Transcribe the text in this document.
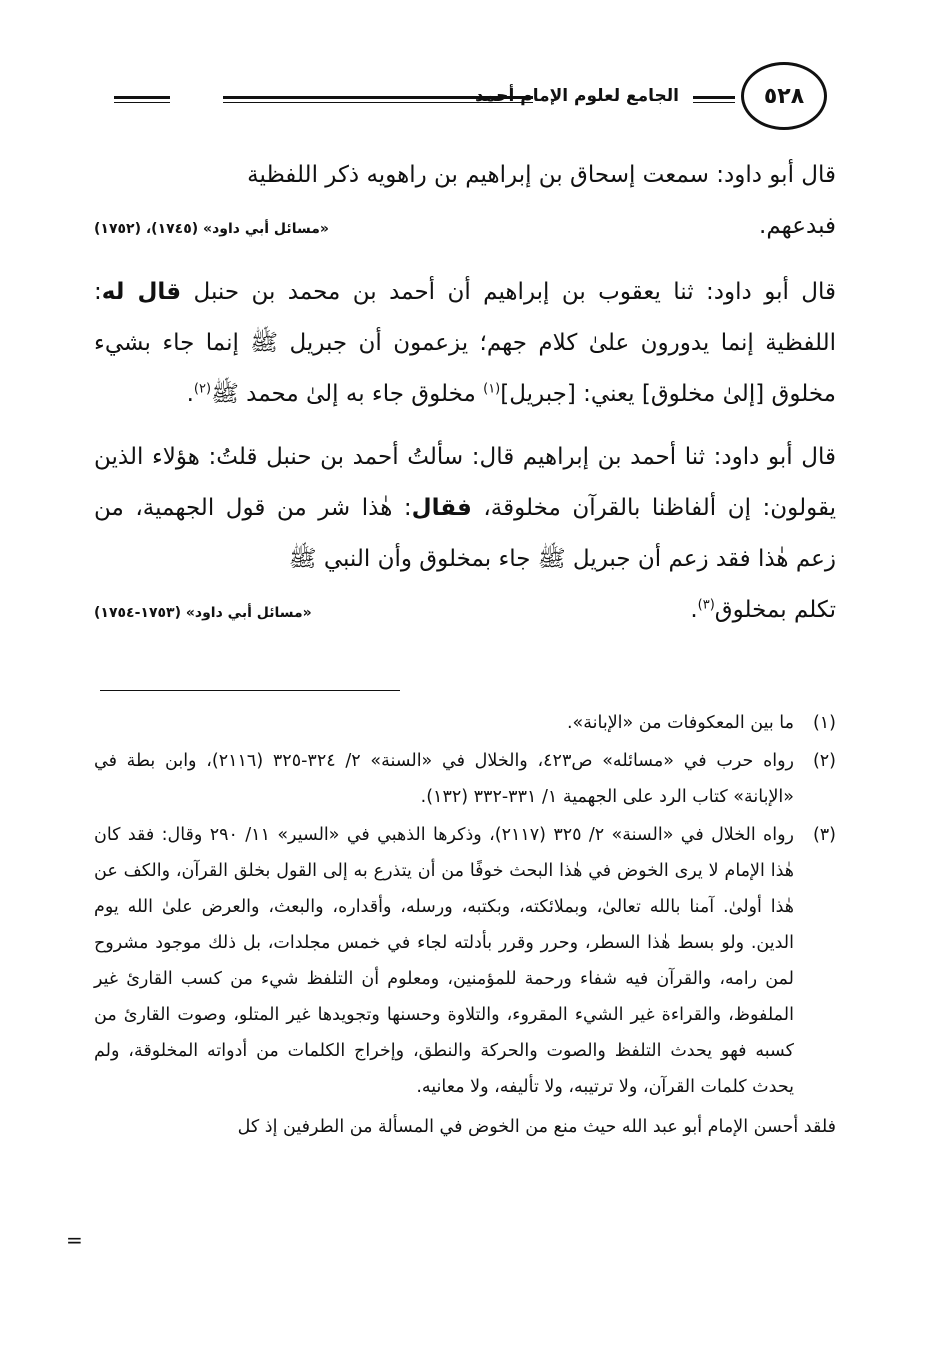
الجامع لعلوم الإمام أحمد	٥٢٨
قال أبو داود: سمعت إسحاق بن إبراهيم بن راهويه ذكر اللفظية
فبدعهم.
«مسائل أبي داود» (١٧٤٥)، (١٧٥٢)
قال أبو داود: ثنا يعقوب بن إبراهيم أن أحمد بن محمد بن حنبل قال له: اللفظية إنما يدورون علىٰ كلام جهم؛ يزعمون أن جبريل ﷺ إنما جاء بشيء مخلوق [إلىٰ مخلوق] يعني: [جبريل]$^{(١)}$ مخلوق جاء به إلىٰ محمد ﷺ$^{(٢)}$.
قال أبو داود: ثنا أحمد بن إبراهيم قال: سألتُ أحمد بن حنبل قلتُ: هؤلاء الذين يقولون: إن ألفاظنا بالقرآن مخلوقة، فقال: هٰذا شر من قول الجهمية، من زعم هٰذا فقد زعم أن جبريل ﷺ جاء بمخلوق وأن النبي ﷺ
تكلم بمخلوق$^{(٣)}$.
«مسائل أبي داود» (١٧٥٣-١٧٥٤)
(١)
ما بين المعكوفات من «الإبانة».
(٢)
رواه حرب في «مسائله» ص٤٢٣، والخلال في «السنة» ٢/ ٣٢٤-٣٢٥ (٢١١٦)، وابن بطة في «الإبانة» كتاب الرد على الجهمية ١/ ٣٣١-٣٣٢ (١٣٢).
(٣)
رواه الخلال في «السنة» ٢/ ٣٢٥ (٢١١٧)، وذكرها الذهبي في «السير» ١١/ ٢٩٠ وقال: فقد كان هٰذا الإمام لا يرى الخوض في هٰذا البحث خوفًا من أن يتذرع به إلى القول بخلق القرآن، والكف عن هٰذا أولىٰ. آمنا بالله تعالىٰ، وبملائكته، وبكتبه، ورسله، وأقداره، والبعث، والعرض علىٰ الله يوم الدين. ولو بسط هٰذا السطر، وحرر وقرر بأدلته لجاء في خمس مجلدات، بل ذلك موجود مشروح لمن رامه، والقرآن فيه شفاء ورحمة للمؤمنين، ومعلوم أن التلفظ شيء من كسب القارئ غير الملفوظ، والقراءة غير الشيء المقروء، والتلاوة وحسنها وتجويدها غير المتلو، وصوت القارئ من كسبه فهو يحدث التلفظ والصوت والحركة والنطق، وإخراج الكلمات من أدواته المخلوقة، ولم يحدث كلمات القرآن، ولا ترتيبه، ولا تأليفه، ولا معانيه.
فلقد أحسن الإمام أبو عبد الله حيث منع من الخوض في المسألة من الطرفين إذ كل
=
